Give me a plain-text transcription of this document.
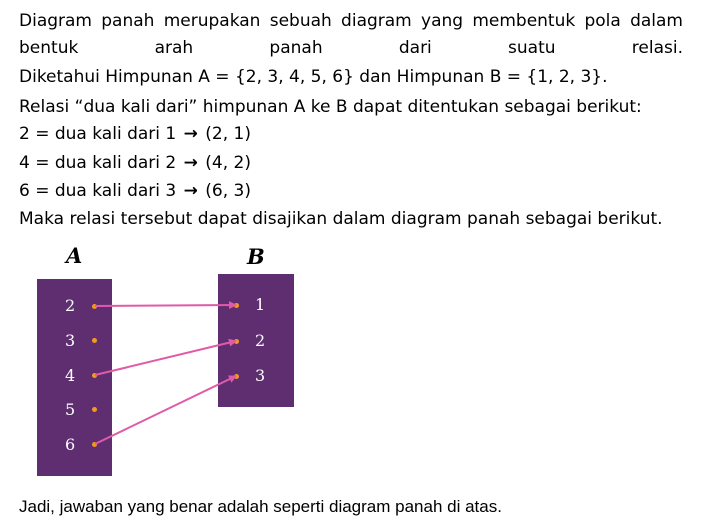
Diagram panah merupakan sebuah diagram yang membentuk pola dalam bentuk arah panah dari suatu relasi.
Diketahui Himpunan A = {2, 3, 4, 5, 6} dan Himpunan B = {1, 2, 3}.
Relasi “dua kali dari” himpunan A ke B dapat ditentukan sebagai berikut:
2 = dua kali dari 1 → (2, 1)
4 = dua kali dari 2 → (4, 2)
6 = dua kali dari 3 → (6, 3)
Maka relasi tersebut dapat disajikan dalam diagram panah sebagai berikut.
A	B
2
3
4
5
6
1
2
3
Jadi, jawaban yang benar adalah seperti diagram panah di atas.
